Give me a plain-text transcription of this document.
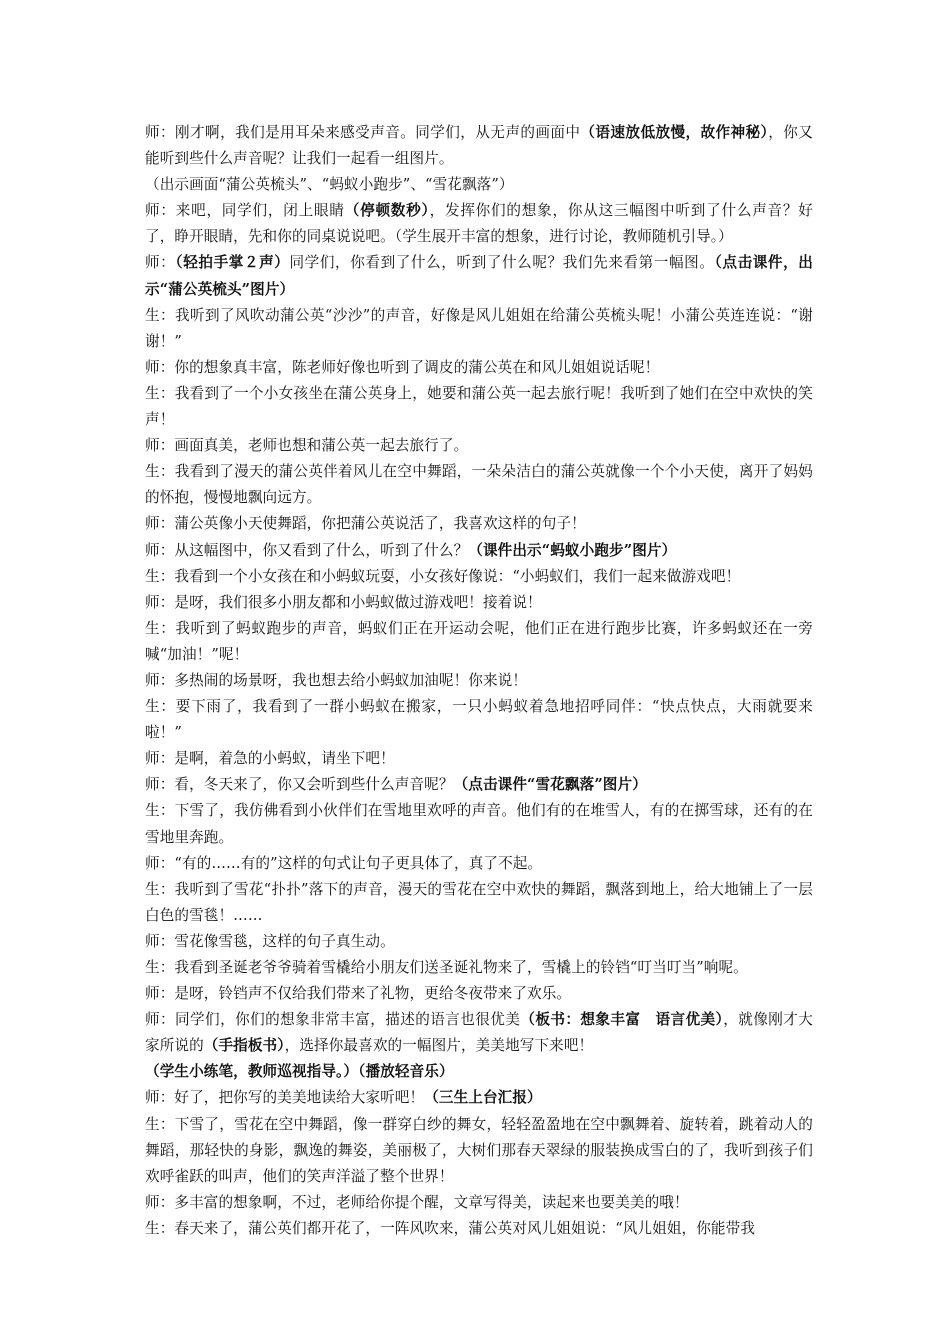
师：刚才啊，我们是用耳朵来感受声音。同学们，从无声的画面中（语速放低放慢，故作神秘），你又能听到些什么声音呢？让我们一起看一组图片。

（出示画面“蒲公英梳头”、“蚂蚁小跑步”、“雪花飘落”）

师：来吧，同学们，闭上眼睛（停顿数秒），发挥你们的想象，你从这三幅图中听到了什么声音？好了，睁开眼睛，先和你的同桌说说吧。（学生展开丰富的想象，进行讨论，教师随机引导。）

师：（轻拍手掌２声）同学们，你看到了什么，听到了什么呢？我们先来看第一幅图。（点击课件，出示“蒲公英梳头”图片）

生：我听到了风吹动蒲公英“沙沙”的声音，好像是风儿姐姐在给蒲公英梳头呢！小蒲公英连连说：“谢谢！”

师：你的想象真丰富，陈老师好像也听到了调皮的蒲公英在和风儿姐姐说话呢！

生：我看到了一个小女孩坐在蒲公英身上，她要和蒲公英一起去旅行呢！我听到了她们在空中欢快的笑声！

师：画面真美，老师也想和蒲公英一起去旅行了。

生：我看到了漫天的蒲公英伴着风儿在空中舞蹈，一朵朵洁白的蒲公英就像一个个小天使，离开了妈妈的怀抱，慢慢地飘向远方。

师：蒲公英像小天使舞蹈，你把蒲公英说活了，我喜欢这样的句子！

师：从这幅图中，你又看到了什么，听到了什么？（课件出示“蚂蚁小跑步”图片）

生：我看到一个小女孩在和小蚂蚁玩耍，小女孩好像说：“小蚂蚁们，我们一起来做游戏吧！

师：是呀，我们很多小朋友都和小蚂蚁做过游戏吧！接着说！

生：我听到了蚂蚁跑步的声音，蚂蚁们正在开运动会呢，他们正在进行跑步比赛，许多蚂蚁还在一旁喊“加油！”呢！

师：多热闹的场景呀，我也想去给小蚂蚁加油呢！你来说！

生：要下雨了，我看到了一群小蚂蚁在搬家，一只小蚂蚁着急地招呼同伴：“快点快点，大雨就要来啦！”

师：是啊，着急的小蚂蚁，请坐下吧！

师：看，冬天来了，你又会听到些什么声音呢？（点击课件“雪花飘落”图片）

生：下雪了，我仿佛看到小伙伴们在雪地里欢呼的声音。他们有的在堆雪人，有的在掷雪球，还有的在雪地里奔跑。

师：“有的……有的”这样的句式让句子更具体了，真了不起。

生：我听到了雪花“扑扑”落下的声音，漫天的雪花在空中欢快的舞蹈，飘落到地上，给大地铺上了一层白色的雪毯！……

师：雪花像雪毯，这样的句子真生动。

生：我看到圣诞老爷爷骑着雪橇给小朋友们送圣诞礼物来了，雪橇上的铃铛“叮当叮当”响呢。

师：是呀，铃铛声不仅给我们带来了礼物，更给冬夜带来了欢乐。

师：同学们，你们的想象非常丰富，描述的语言也很优美（板书：想象丰富　语言优美），就像刚才大家所说的（手指板书），选择你最喜欢的一幅图片，美美地写下来吧！

（学生小练笔，教师巡视指导。）（播放轻音乐）

师：好了，把你写的美美地读给大家听吧！（三生上台汇报）

生：下雪了，雪花在空中舞蹈，像一群穿白纱的舞女，轻轻盈盈地在空中飘舞着、旋转着，跳着动人的舞蹈，那轻快的身影，飘逸的舞姿，美丽极了，大树们那春天翠绿的服装换成雪白的了，我听到孩子们欢呼雀跃的叫声，他们的笑声洋溢了整个世界！

师：多丰富的想象啊，不过，老师给你提个醒，文章写得美，读起来也要美美的哦！

生：春天来了，蒲公英们都开花了，一阵风吹来，蒲公英对风儿姐姐说：“风儿姐姐，你能带我
